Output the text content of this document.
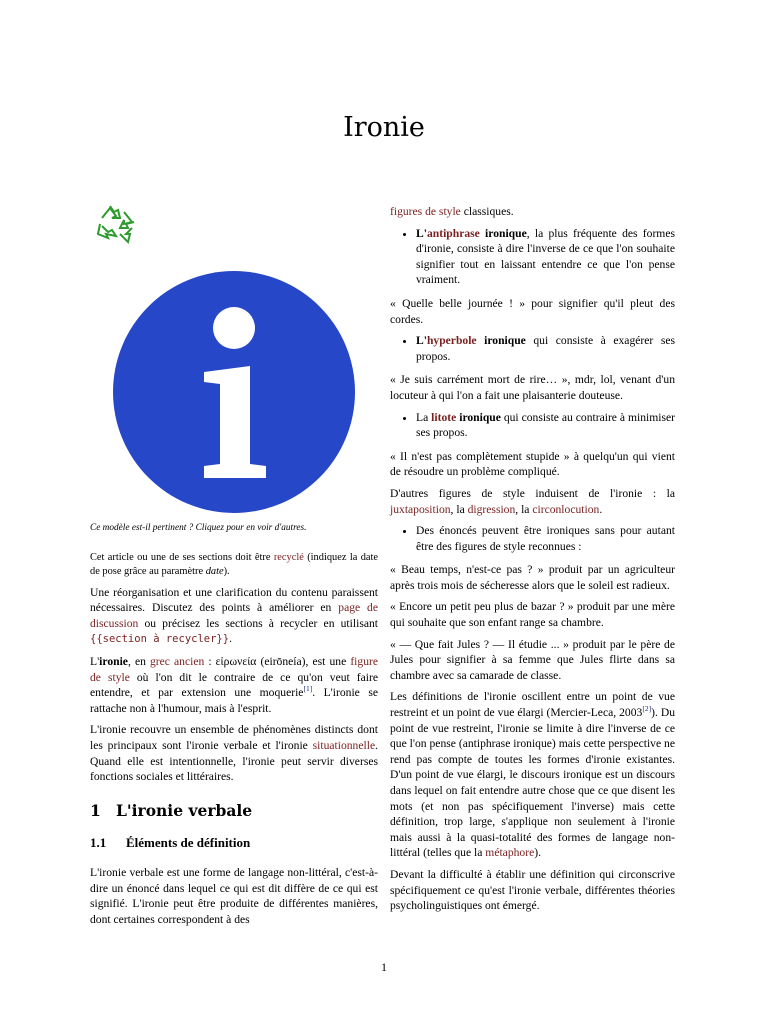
Ironie
Ce modèle est-il pertinent ? Cliquez pour en voir d'autres.

Cet article ou une de ses sections doit être recyclé (indiquez la date de pose grâce au paramètre date).

Une réorganisation et une clarification du contenu paraissent nécessaires. Discutez des points à améliorer en page de discussion ou précisez les sections à recycler en utilisant {{section à recycler}}.

L'ironie, en grec ancien : εἰρωνεία (eirōneía), est une figure de style où l'on dit le contraire de ce qu'on veut faire entendre, et par extension une moquerie[1]. L'ironie se rattache non à l'humour, mais à l'esprit.

L'ironie recouvre un ensemble de phénomènes distincts dont les principaux sont l'ironie verbale et l'ironie situationnelle. Quand elle est intentionnelle, l'ironie peut servir diverses fonctions sociales et littéraires.

1 L'ironie verbale
1.1 Éléments de définition

L'ironie verbale est une forme de langage non-littéral, c'est-à-dire un énoncé dans lequel ce qui est dit diffère de ce qui est signifié. L'ironie peut être produite de différentes manières, dont certaines correspondent à des

figures de style classiques.

• L'antiphrase ironique, la plus fréquente des formes d'ironie, consiste à dire l'inverse de ce que l'on souhaite signifier tout en laissant entendre ce que l'on pense vraiment.

« Quelle belle journée ! » pour signifier qu'il pleut des cordes.

• L'hyperbole ironique qui consiste à exagérer ses propos.

« Je suis carrément mort de rire… », mdr, lol, venant d'un locuteur à qui l'on a fait une plaisanterie douteuse.

• La litote ironique qui consiste au contraire à minimiser ses propos.

« Il n'est pas complètement stupide » à quelqu'un qui vient de résoudre un problème compliqué.

D'autres figures de style induisent de l'ironie : la juxtaposition, la digression, la circonlocution.

• Des énoncés peuvent être ironiques sans pour autant être des figures de style reconnues :

« Beau temps, n'est-ce pas ? » produit par un agriculteur après trois mois de sécheresse alors que le soleil est radieux.

« Encore un petit peu plus de bazar ? » produit par une mère qui souhaite que son enfant range sa chambre.

« — Que fait Jules ? — Il étudie ... » produit par le père de Jules pour signifier à sa femme que Jules flirte dans sa chambre avec sa camarade de classe.

Les définitions de l'ironie oscillent entre un point de vue restreint et un point de vue élargi (Mercier-Leca, 2003[2]). Du point de vue restreint, l'ironie se limite à dire l'inverse de ce que l'on pense (antiphrase ironique) mais cette perspective ne rend pas compte de toutes les formes d'ironie existantes. D'un point de vue élargi, le discours ironique est un discours dans lequel on fait entendre autre chose que ce que disent les mots (et non pas spécifiquement l'inverse) mais cette définition, trop large, s'applique non seulement à l'ironie mais aussi à la quasi-totalité des formes de langage non-littéral (telles que la métaphore).

Devant la difficulté à établir une définition qui circonscrive spécifiquement ce qu'est l'ironie verbale, différentes théories psycholinguistiques ont émergé.

1
